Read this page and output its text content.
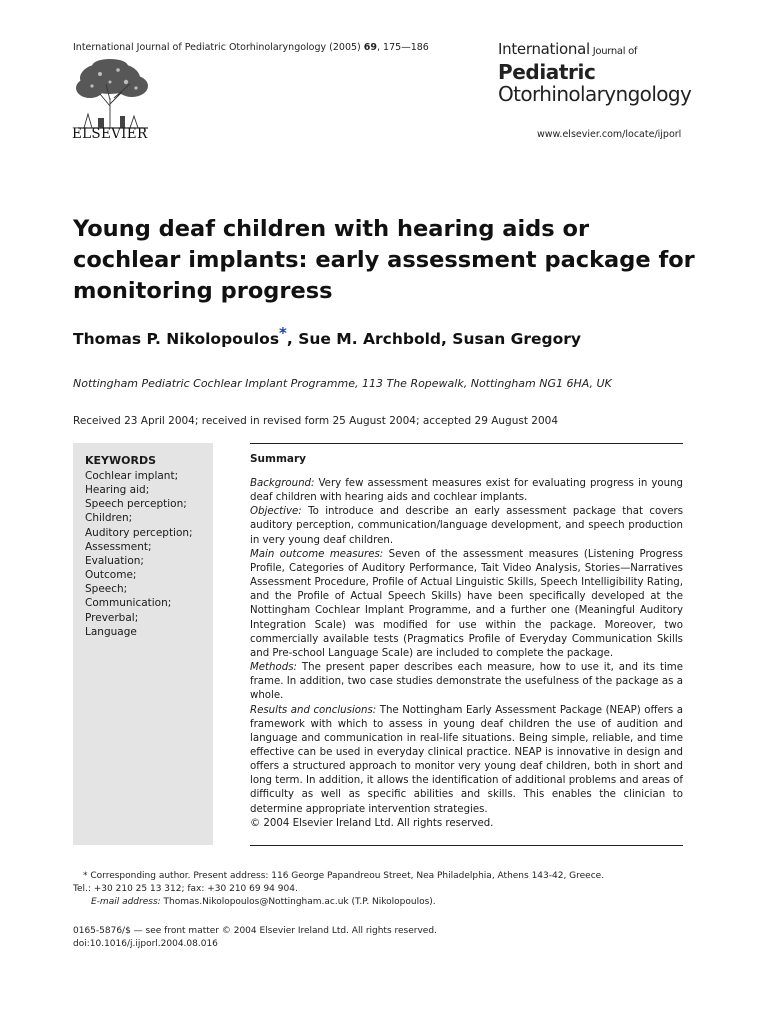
International Journal of Pediatric Otorhinolaryngology (2005) 69, 175—186
ELSEVIER
International Journal of
Pediatric
Otorhinolaryngology
www.elsevier.com/locate/ijporl
Young deaf children with hearing aids or cochlear implants: early assessment package for monitoring progress
Thomas P. Nikolopoulos*, Sue M. Archbold, Susan Gregory
Nottingham Pediatric Cochlear Implant Programme, 113 The Ropewalk, Nottingham NG1 6HA, UK
Received 23 April 2004; received in revised form 25 August 2004; accepted 29 August 2004
KEYWORDS
Cochlear implant;
Hearing aid;
Speech perception;
Children;
Auditory perception;
Assessment;
Evaluation;
Outcome;
Speech;
Communication;
Preverbal;
Language
Summary

Background: Very few assessment measures exist for evaluating progress in young deaf children with hearing aids and cochlear implants.

Objective: To introduce and describe an early assessment package that covers auditory perception, communication/language development, and speech production in very young deaf children.

Main outcome measures: Seven of the assessment measures (Listening Progress Profile, Categories of Auditory Performance, Tait Video Analysis, Stories—Narratives Assessment Procedure, Profile of Actual Linguistic Skills, Speech Intelligibility Rating, and the Profile of Actual Speech Skills) have been specifically developed at the Nottingham Cochlear Implant Programme, and a further one (Meaningful Auditory Integration Scale) was modified for use within the package. Moreover, two commercially available tests (Pragmatics Profile of Everyday Communication Skills and Pre-school Language Scale) are included to complete the package.

Methods: The present paper describes each measure, how to use it, and its time frame. In addition, two case studies demonstrate the usefulness of the package as a whole.

Results and conclusions: The Nottingham Early Assessment Package (NEAP) offers a framework with which to assess in young deaf children the use of audition and language and communication in real-life situations. Being simple, reliable, and time effective can be used in everyday clinical practice. NEAP is innovative in design and offers a structured approach to monitor very young deaf children, both in short and long term. In addition, it allows the identification of additional problems and areas of difficulty as well as specific abilities and skills. This enables the clinician to determine appropriate intervention strategies.

© 2004 Elsevier Ireland Ltd. All rights reserved.

* Corresponding author. Present address: 116 George Papandreou Street, Nea Philadelphia, Athens 143-42, Greece.
Tel.: +30 210 25 13 312; fax: +30 210 69 94 904.
E-mail address: Thomas.Nikolopoulos@Nottingham.ac.uk (T.P. Nikolopoulos).
0165-5876/$ — see front matter © 2004 Elsevier Ireland Ltd. All rights reserved.
doi:10.1016/j.ijporl.2004.08.016
